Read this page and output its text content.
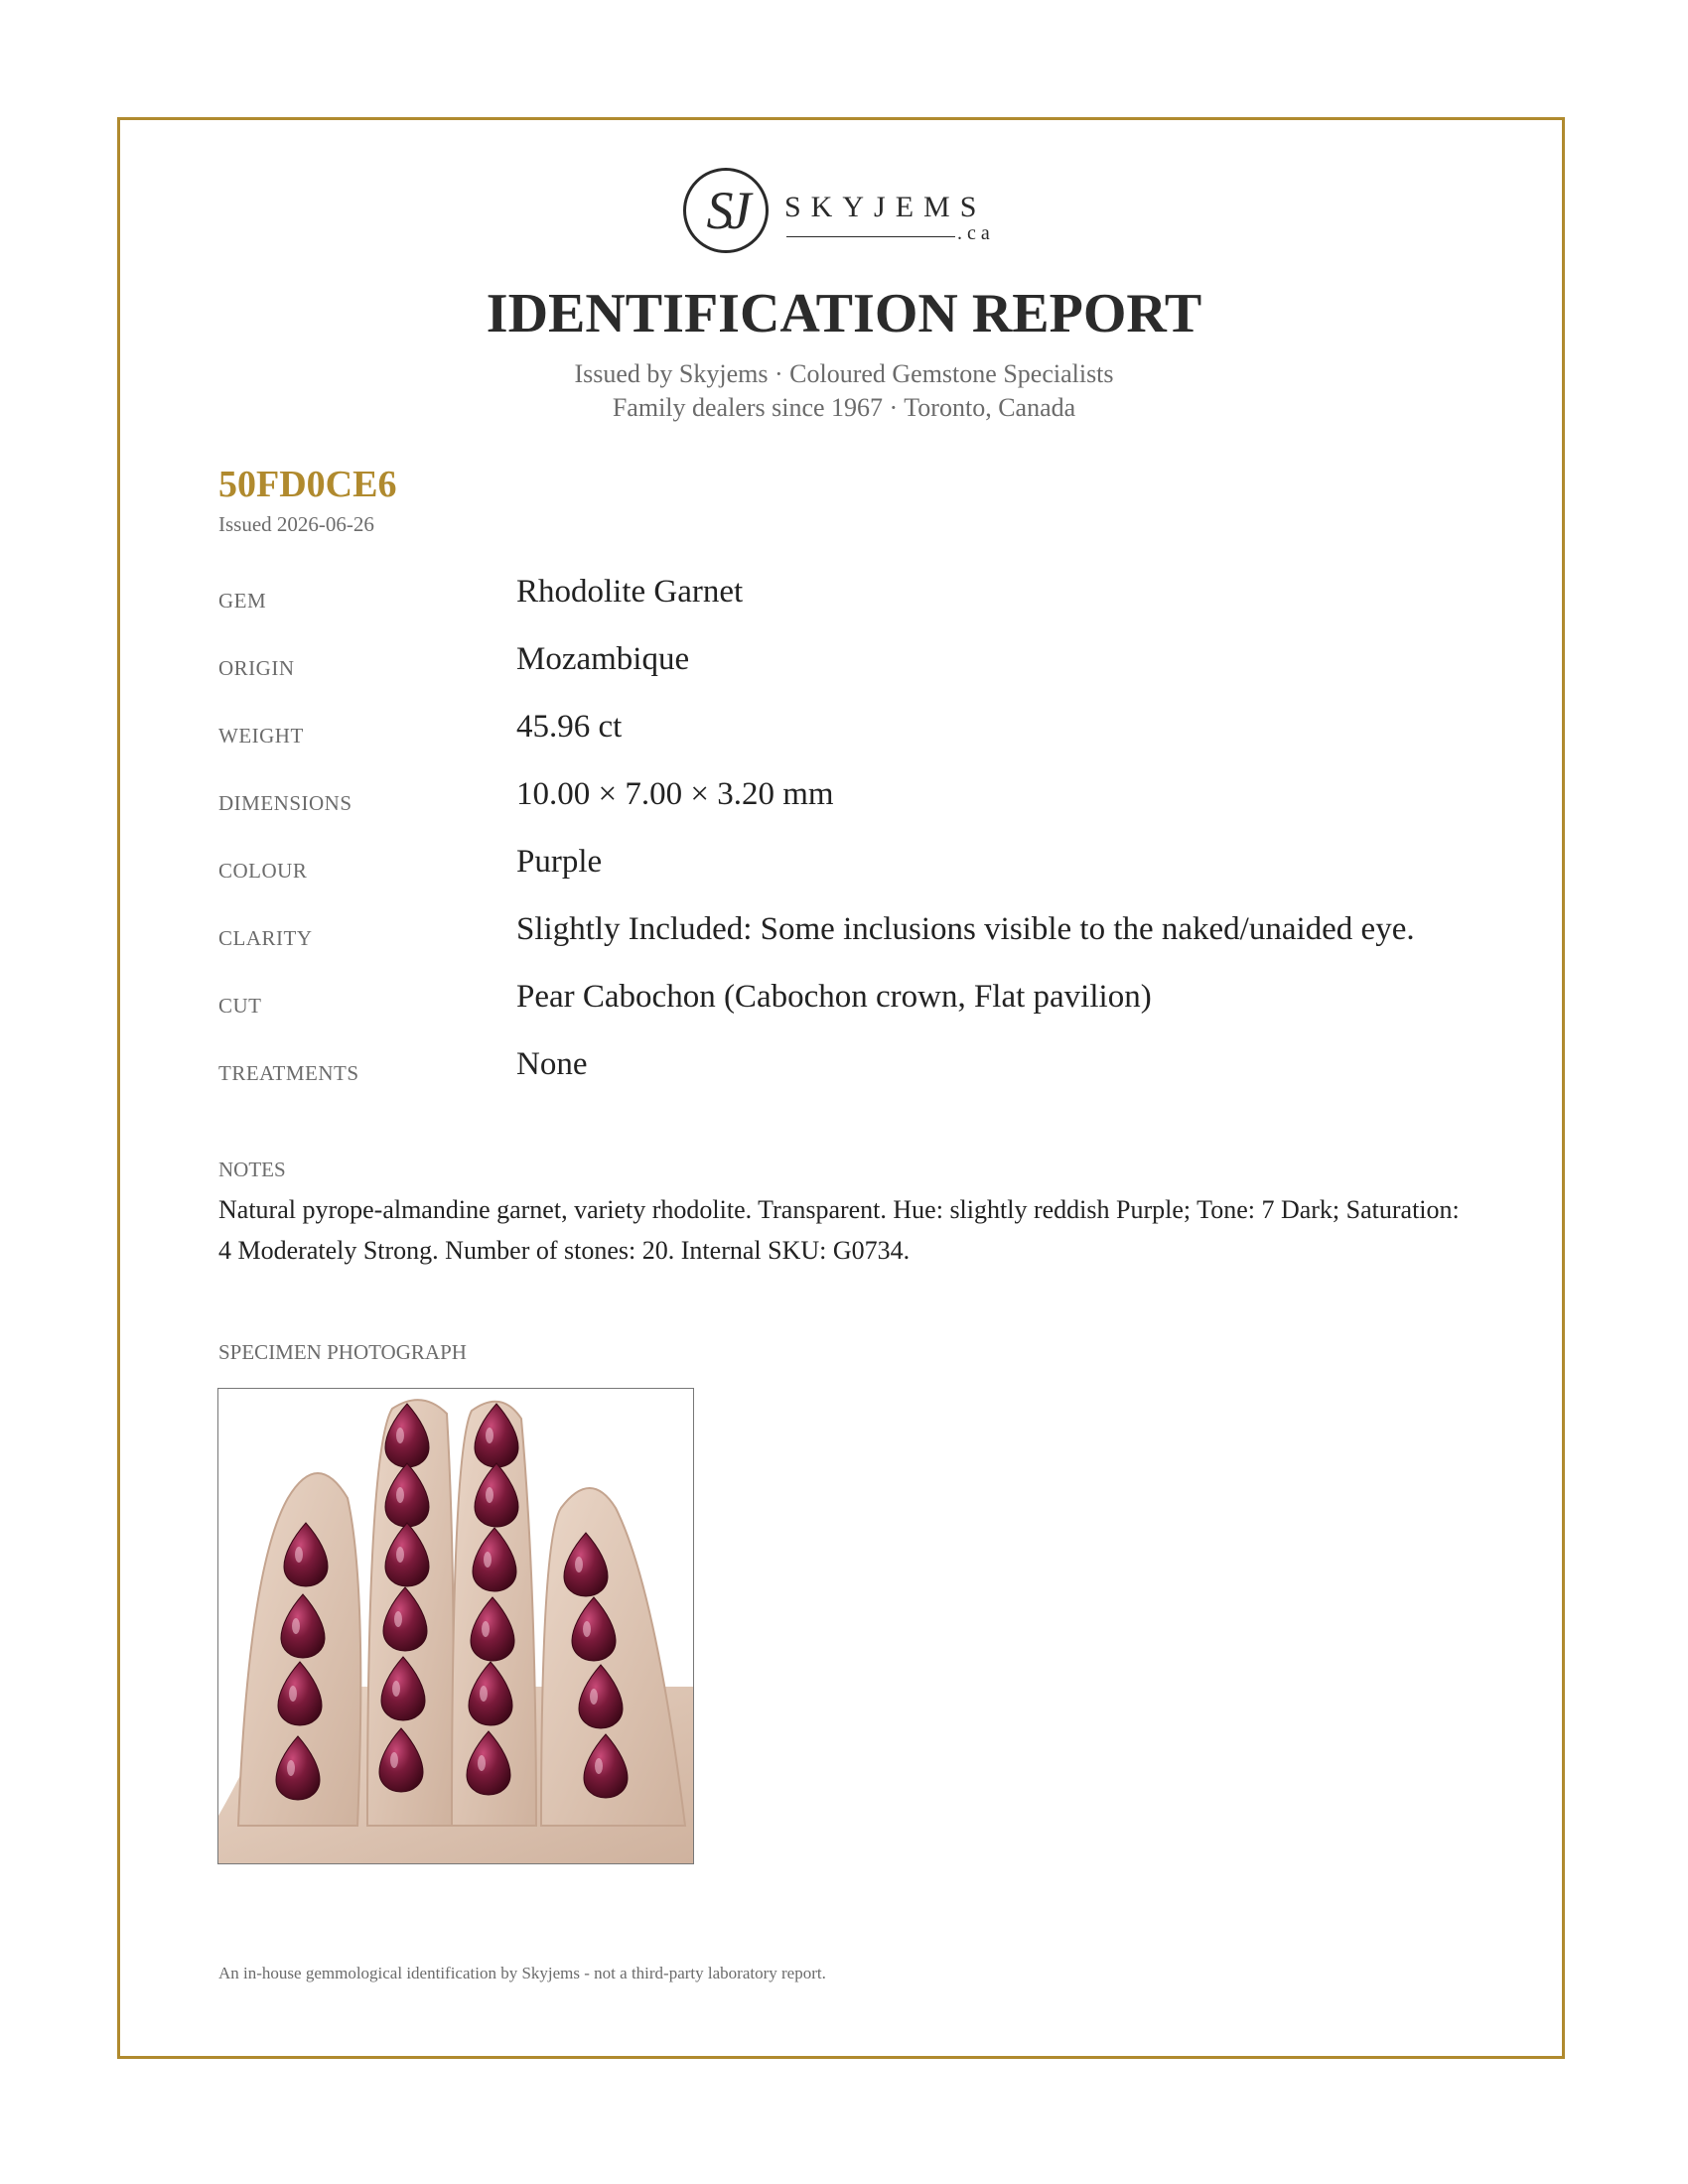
SJ SKYJEMS
.ca
IDENTIFICATION REPORT
Issued by Skyjems · Coloured Gemstone Specialists
Family dealers since 1967 · Toronto, Canada
50FD0CE6
Issued 2026-06-26
GEM	Rhodolite Garnet
ORIGIN	Mozambique
WEIGHT	45.96 ct
DIMENSIONS	10.00 × 7.00 × 3.20 mm
COLOUR	Purple
CLARITY	Slightly Included: Some inclusions visible to the naked/unaided eye.
CUT	Pear Cabochon (Cabochon crown, Flat pavilion)
TREATMENTS	None
NOTES
Natural pyrope-almandine garnet, variety rhodolite. Transparent. Hue: slightly reddish Purple; Tone: 7 Dark; Saturation: 4 Moderately Strong. Number of stones: 20. Internal SKU: G0734.
SPECIMEN PHOTOGRAPH
An in-house gemmological identification by Skyjems - not a third-party laboratory report.
